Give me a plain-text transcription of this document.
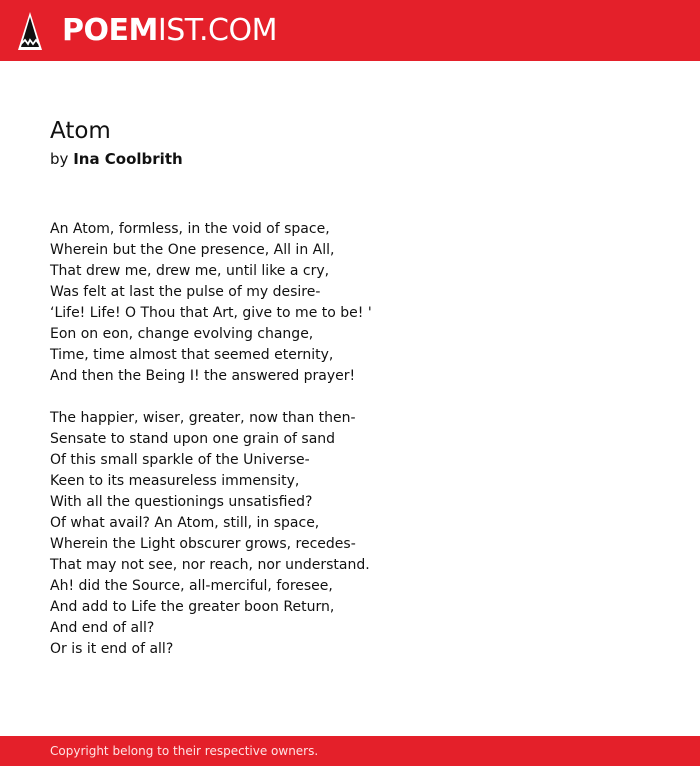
POEMIST.COM
Atom
by Ina Coolbrith
An Atom, formless, in the void of space,
Wherein but the One presence, All in All,
That drew me, drew me, until like a cry,
Was felt at last the pulse of my desire-
‘Life! Life! O Thou that Art, give to me to be! '
Eon on eon, change evolving change,
Time, time almost that seemed eternity,
And then the Being I! the answered prayer!
The happier, wiser, greater, now than then-
Sensate to stand upon one grain of sand
Of this small sparkle of the Universe-
Keen to its measureless immensity,
With all the questionings unsatisfied?
Of what avail? An Atom, still, in space,
Wherein the Light obscurer grows, recedes-
That may not see, nor reach, nor understand.
Ah! did the Source, all-merciful, foresee,
And add to Life the greater boon Return,
And end of all?
Or is it end of all?
Copyright belong to their respective owners.
